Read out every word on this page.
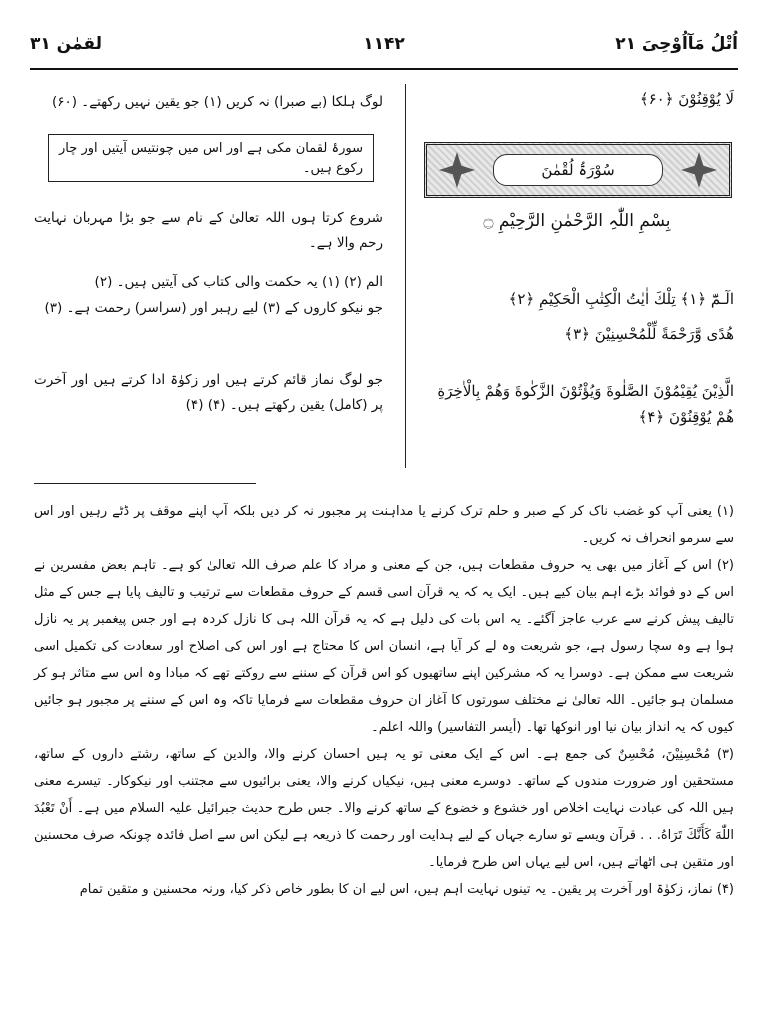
لقمٰن ۳۱	۱۱۴۲	اُتْلُ مَآاُوْحِیَ ۲۱
لَا یُوْقِنُوْنَ ﴿۶۰﴾
سُوْرَۃُ لُقْمٰنَ
بِسْمِ اللّٰہِ الرَّحْمٰنِ الرَّحِیْمِ ۝
الٓـمّٓ ﴿۱﴾ تِلْكَ اٰیٰتُ الْكِتٰبِ الْحَكِیْمِ ﴿۲﴾
هُدًى وَّرَحْمَةً لِّلْمُحْسِنِیْنَ ﴿۳﴾
الَّذِیْنَ یُقِیْمُوْنَ الصَّلٰوةَ وَیُؤْتُوْنَ الزَّكٰوةَ وَهُمْ بِالْاٰخِرَةِ هُمْ یُوْقِنُوْنَ ﴿۴﴾
لوگ ہلکا (بے صبرا) نہ کریں (۱) جو یقین نہیں رکھتے۔ (۶۰)
سورۂ لقمان مکی ہے اور اس میں چونتیس آیتیں اور چار رکوع ہیں۔
شروع کرتا ہوں اللہ تعالیٰ کے نام سے جو بڑا مہربان نہایت رحم والا ہے۔
الم (۲) (۱) یہ حکمت والی کتاب کی آیتیں ہیں۔ (۲)
جو نیکو کاروں کے (۳) لیے رہبر اور (سراسر) رحمت ہے۔ (۳)
جو لوگ نماز قائم کرتے ہیں اور زکوٰۃ ادا کرتے ہیں اور آخرت پر (کامل) یقین رکھتے ہیں۔ (۴) (۴)

(۱) یعنی آپ کو غضب ناک کر کے صبر و حلم ترک کرنے یا مداہنت پر مجبور نہ کر دیں بلکہ آپ اپنے موقف پر ڈٹے رہیں اور اس سے سرمو انحراف نہ کریں۔

(۲) اس کے آغاز میں بھی یہ حروف مقطعات ہیں، جن کے معنی و مراد کا علم صرف اللہ تعالیٰ کو ہے۔ تاہم بعض مفسرین نے اس کے دو فوائد بڑے اہم بیان کیے ہیں۔ ایک یہ کہ یہ قرآن اسی قسم کے حروف مقطعات سے ترتیب و تالیف پایا ہے جس کے مثل تالیف پیش کرنے سے عرب عاجز آگئے۔ یہ اس بات کی دلیل ہے کہ یہ قرآن اللہ ہی کا نازل کردہ ہے اور جس پیغمبر پر یہ نازل ہوا ہے وہ سچا رسول ہے، جو شریعت وہ لے کر آیا ہے، انسان اس کا محتاج ہے اور اس کی اصلاح اور سعادت کی تکمیل اسی شریعت سے ممکن ہے۔ دوسرا یہ کہ مشرکین اپنے ساتھیوں کو اس قرآن کے سننے سے روکتے تھے کہ مبادا وہ اس سے متاثر ہو کر مسلمان ہو جائیں۔ اللہ تعالیٰ نے مختلف سورتوں کا آغاز ان حروف مقطعات سے فرمایا تاکہ وہ اس کے سننے پر مجبور ہو جائیں کیوں کہ یہ انداز بیان نیا اور انوکھا تھا۔ (أیسر التفاسیر) واللہ اعلم۔

(۳) مُحْسِنِیْنَ، مُحْسِنٌ کی جمع ہے۔ اس کے ایک معنی تو یہ ہیں احسان کرنے والا، والدین کے ساتھ، رشتے داروں کے ساتھ، مستحقین اور ضرورت مندوں کے ساتھ۔ دوسرے معنی ہیں، نیکیاں کرنے والا، یعنی برائیوں سے مجتنب اور نیکوکار۔ تیسرے معنی ہیں اللہ کی عبادت نہایت اخلاص اور خشوع و خضوع کے ساتھ کرنے والا۔ جس طرح حدیث جبرائیل علیہ السلام میں ہے۔ أَنْ تَعْبُدَ اللّٰهَ كَأَنَّكَ تَرَاهُ. . . قرآن ویسے تو سارے جہاں کے لیے ہدایت اور رحمت کا ذریعہ ہے لیکن اس سے اصل فائدہ چونکہ صرف محسنین اور متقین ہی اٹھاتے ہیں، اس لیے یہاں اس طرح فرمایا۔

(۴) نماز، زکوٰۃ اور آخرت پر یقین۔ یہ تینوں نہایت اہم ہیں، اس لیے ان کا بطور خاص ذکر کیا، ورنہ محسنین و متقین تمام
